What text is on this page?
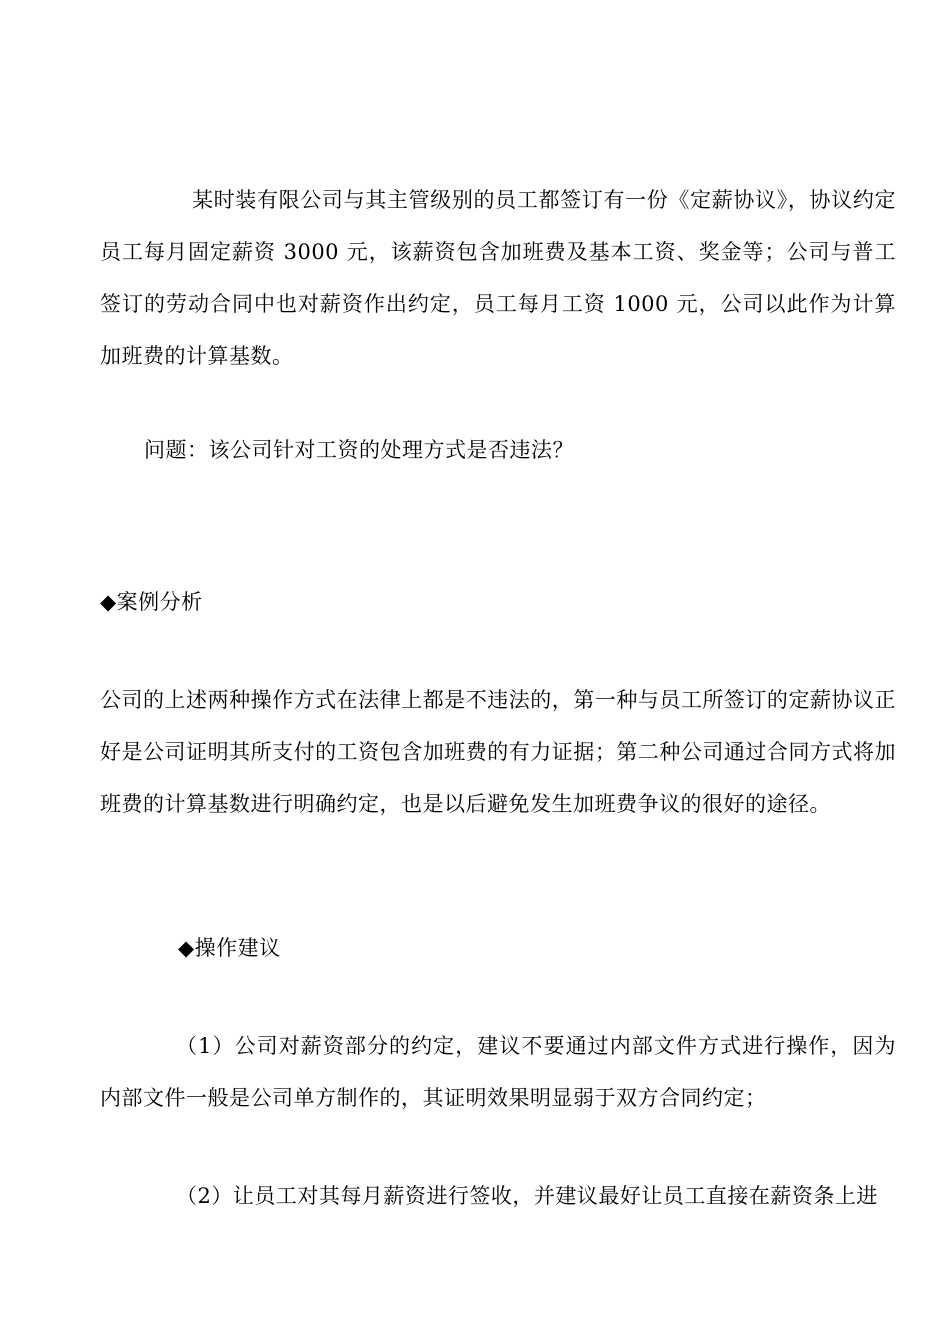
某时装有限公司与其主管级别的员工都签订有一份《定薪协议》，协议约定员工每月固定薪资 3000 元，该薪资包含加班费及基本工资、奖金等；公司与普工签订的劳动合同中也对薪资作出约定，员工每月工资 1000 元，公司以此作为计算加班费的计算基数。
问题：该公司针对工资的处理方式是否违法？
◆案例分析
公司的上述两种操作方式在法律上都是不违法的，第一种与员工所签订的定薪协议正好是公司证明其所支付的工资包含加班费的有力证据；第二种公司通过合同方式将加班费的计算基数进行明确约定，也是以后避免发生加班费争议的很好的途径。
◆操作建议
（1）公司对薪资部分的约定，建议不要通过内部文件方式进行操作，因为内部文件一般是公司单方制作的，其证明效果明显弱于双方合同约定；
（2）让员工对其每月薪资进行签收，并建议最好让员工直接在薪资条上进
